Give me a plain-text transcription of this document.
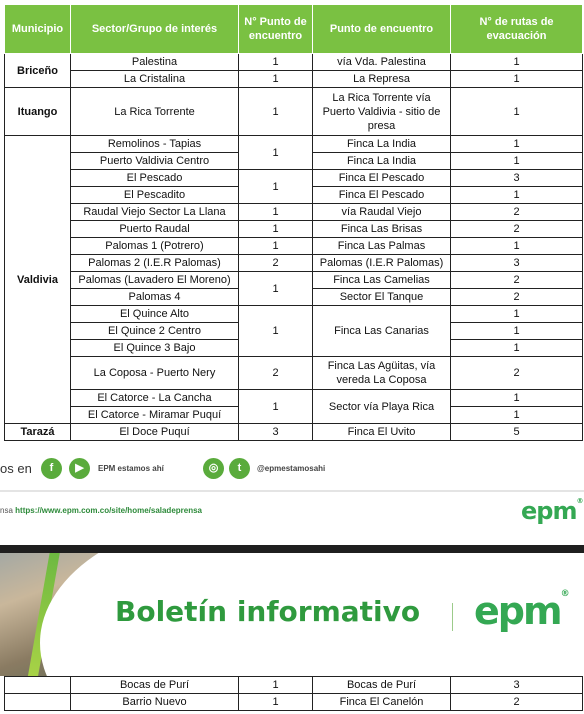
Municipio	Sector/Grupo de interés	N° Punto de encuentro	Punto de encuentro	N° de rutas de evacuación
Briceño	Palestina	1	vía Vda. Palestina	1
	La Cristalina	1	La Represa	1
Ituango	La Rica Torrente	1	La Rica Torrente vía Puerto Valdivia - sitio de presa	1
Valdivia	Remolinos - Tapias	1	Finca La India	1
	Puerto Valdivia Centro		Finca La India	1
	El Pescado	1	Finca El Pescado	3
	El Pescadito		Finca El Pescado	1
	Raudal Viejo Sector La Llana	1	vía Raudal Viejo	2
	Puerto Raudal	1	Finca Las Brisas	2
	Palomas 1 (Potrero)	1	Finca Las Palmas	1
	Palomas 2 (I.E.R Palomas)	2	Palomas (I.E.R Palomas)	3
	Palomas (Lavadero El Moreno)	1	Finca Las Camelias	2
	Palomas 4		Sector El Tanque	2
	El Quince Alto	1	Finca Las Canarias	1
	El Quince 2 Centro			1
	El Quince 3 Bajo			1
	La Coposa - Puerto Nery	2	Finca Las Agüitas, vía vereda La Coposa	2
	El Catorce - La Cancha	1	Sector vía Playa Rica	1
	El Catorce - Miramar Puquí			1
Tarazá	El Doce Puquí	3	Finca El Uvito	5
os en	f	▶	EPM estamos ahí	◎	t	@epmestamosahi
nsa https://www.epm.com.co/site/home/saladeprensa	epm®
Boletín informativo epm®
	Bocas de Purí	1	Bocas de Purí	3
	Barrio Nuevo	1	Finca El Canelón	2
